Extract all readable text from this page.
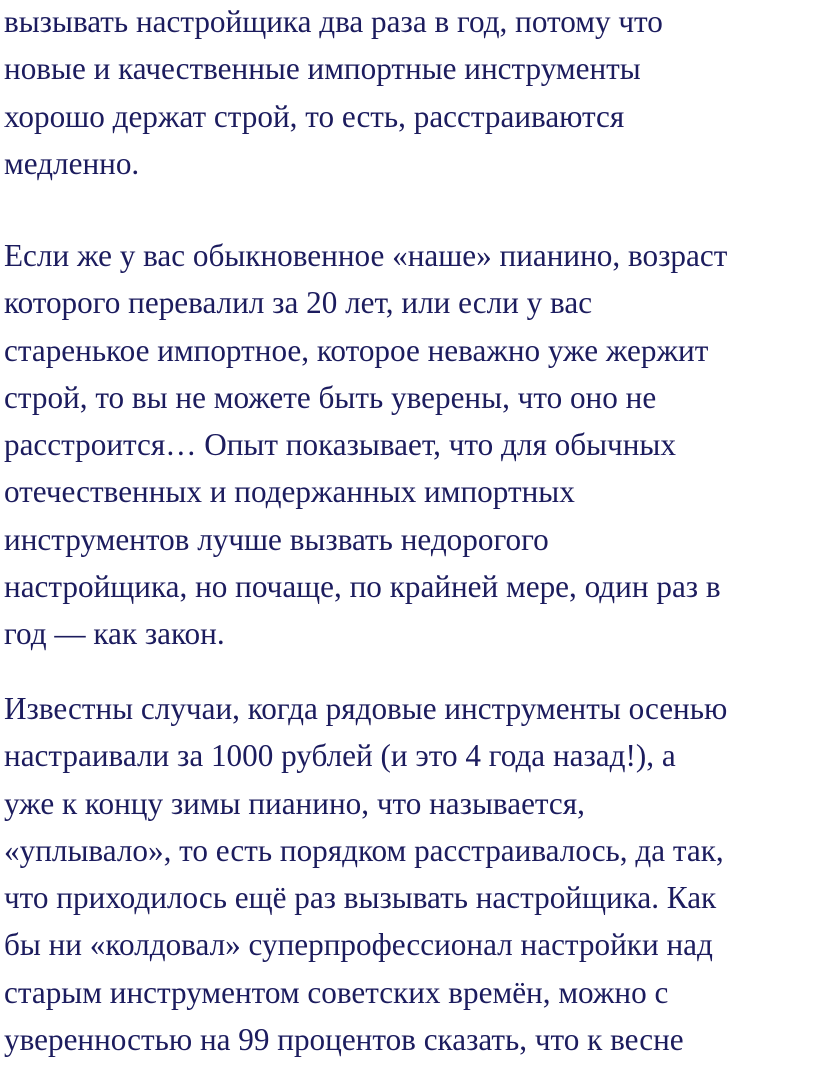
вызывать настройщика два раза в год, потому что
новые и качественные импортные инструменты
хорошо держат строй, то есть, расстраиваются
медленно.

Если же у вас обыкновенное «наше» пианино, возраст
которого перевалил за 20 лет, или если у вас
старенькое импортное, которое неважно уже жержит
строй, то вы не можете быть уверены, что оно не
расстроится… Опыт показывает, что для обычных
отечественных и подержанных импортных
инструментов лучше вызвать недорогого
настройщика, но почаще, по крайней мере, один раз в
год — как закон.

Известны случаи, когда рядовые инструменты осенью
настраивали за 1000 рублей (и это 4 года назад!), а
уже к концу зимы пианино, что называется,
«уплывало», то есть порядком расстраивалось, да так,
что приходилось ещё раз вызывать настройщика. Как
бы ни «колдовал» суперпрофессионал настройки над
старым инструментом советских времён, можно с
уверенностью на 99 процентов сказать, что к весне
